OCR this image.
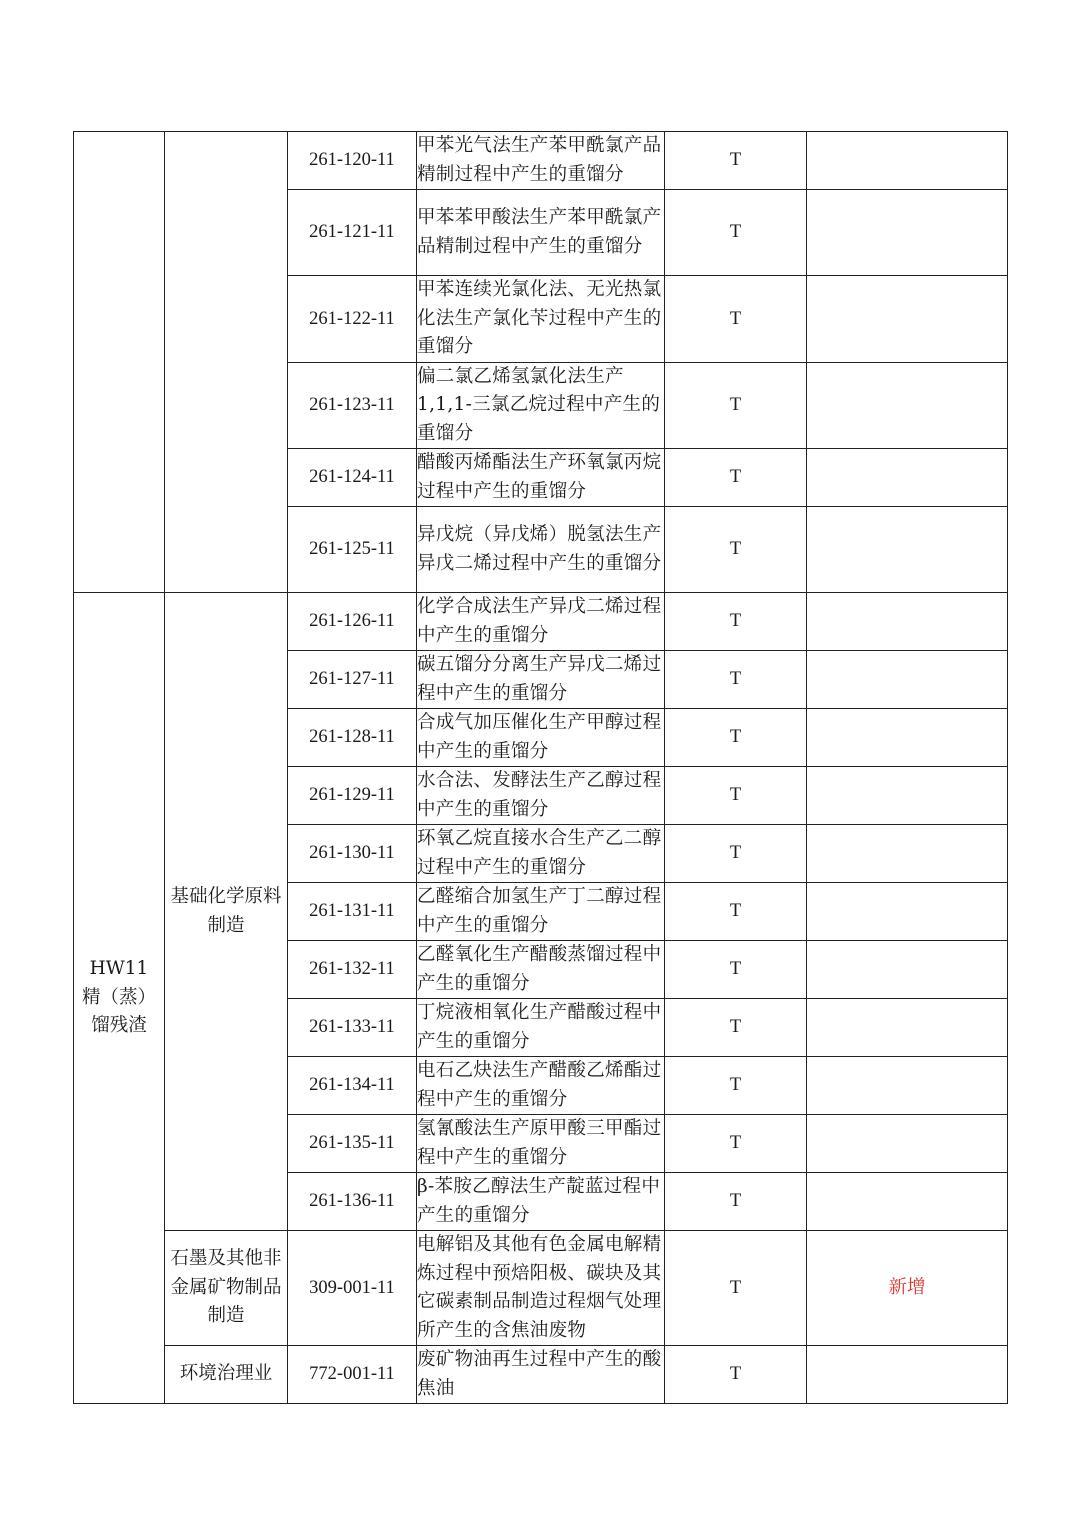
		261-120-11	甲苯光气法生产苯甲酰氯产品精制过程中产生的重馏分	T	
		261-121-11	甲苯苯甲酸法生产苯甲酰氯产品精制过程中产生的重馏分	T	
		261-122-11	甲苯连续光氯化法、无光热氯化法生产氯化苄过程中产生的重馏分	T	
		261-123-11	偏二氯乙烯氢氯化法生产1,1,1-三氯乙烷过程中产生的重馏分	T	
		261-124-11	醋酸丙烯酯法生产环氧氯丙烷过程中产生的重馏分	T	
		261-125-11	异戊烷（异戊烯）脱氢法生产异戊二烯过程中产生的重馏分	T	

HW11
精（蒸）
馏残渣	基础化学原料制造	261-126-11	化学合成法生产异戊二烯过程中产生的重馏分	T	
		261-127-11	碳五馏分分离生产异戊二烯过程中产生的重馏分	T	
		261-128-11	合成气加压催化生产甲醇过程中产生的重馏分	T	
		261-129-11	水合法、发酵法生产乙醇过程中产生的重馏分	T	
		261-130-11	环氧乙烷直接水合生产乙二醇过程中产生的重馏分	T	
		261-131-11	乙醛缩合加氢生产丁二醇过程中产生的重馏分	T	
		261-132-11	乙醛氧化生产醋酸蒸馏过程中产生的重馏分	T	
		261-133-11	丁烷液相氧化生产醋酸过程中产生的重馏分	T	
		261-134-11	电石乙炔法生产醋酸乙烯酯过程中产生的重馏分	T	
		261-135-11	氢氰酸法生产原甲酸三甲酯过程中产生的重馏分	T	
		261-136-11	β-苯胺乙醇法生产靛蓝过程中产生的重馏分	T	
	石墨及其他非金属矿物制品制造	309-001-11	电解铝及其他有色金属电解精炼过程中预焙阳极、碳块及其它碳素制品制造过程烟气处理所产生的含焦油废物	T	新增
	环境治理业	772-001-11	废矿物油再生过程中产生的酸焦油	T	
